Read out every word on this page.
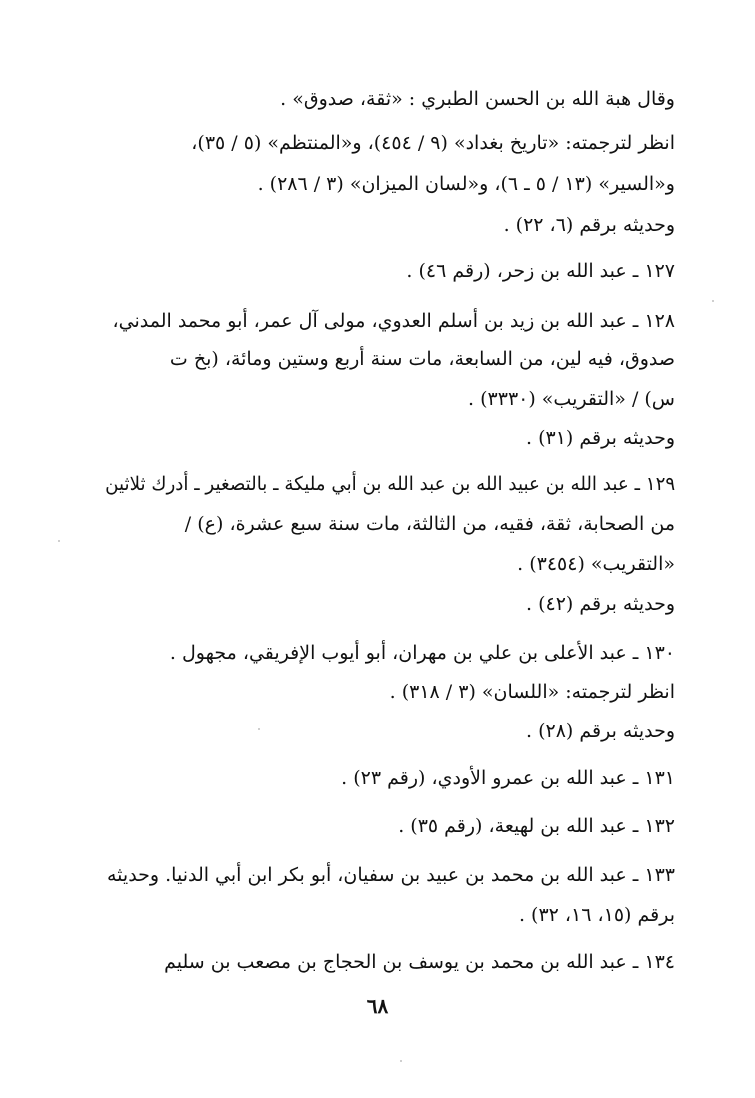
وقال هبة الله بن الحسن الطبري : «ثقة، صدوق» .
انظر لترجمته: «تاريخ بغداد» (٩ / ٤٥٤)، و«المنتظم» (٥ / ٣٥)،
و«السير» (١٣ / ٥ ـ ٦)، و«لسان الميزان» (٣ / ٢٨٦) .
وحديثه برقم (٦، ٢٢) .
١٢٧ ـ عبد الله بن زحر، (رقم ٤٦) .
١٢٨ ـ عبد الله بن زيد بن أسلم العدوي، مولى آل عمر، أبو محمد المدني،
صدوق، فيه لين، من السابعة، مات سنة أربع وستين ومائة، (بخ ت
س) / «التقريب» (٣٣٣٠) .
وحديثه برقم (٣١) .
١٢٩ ـ عبد الله بن عبيد الله بن عبد الله بن أبي مليكة ـ بالتصغير ـ أدرك ثلاثين
من الصحابة، ثقة، فقيه، من الثالثة، مات سنة سبع عشرة، (ع) /
«التقريب» (٣٤٥٤) .
وحديثه برقم (٤٢) .
١٣٠ ـ عبد الأعلى بن علي بن مهران، أبو أيوب الإفريقي، مجهول .
انظر لترجمته: «اللسان» (٣ / ٣١٨) .
وحديثه برقم (٢٨) .
١٣١ ـ عبد الله بن عمرو الأودي، (رقم ٢٣) .
١٣٢ ـ عبد الله بن لهيعة، (رقم ٣٥) .
١٣٣ ـ عبد الله بن محمد بن عبيد بن سفيان، أبو بكر ابن أبي الدنيا. وحديثه
برقم (١٥، ١٦، ٣٢) .
١٣٤ ـ عبد الله بن محمد بن يوسف بن الحجاج بن مصعب بن سليم
٦٨
